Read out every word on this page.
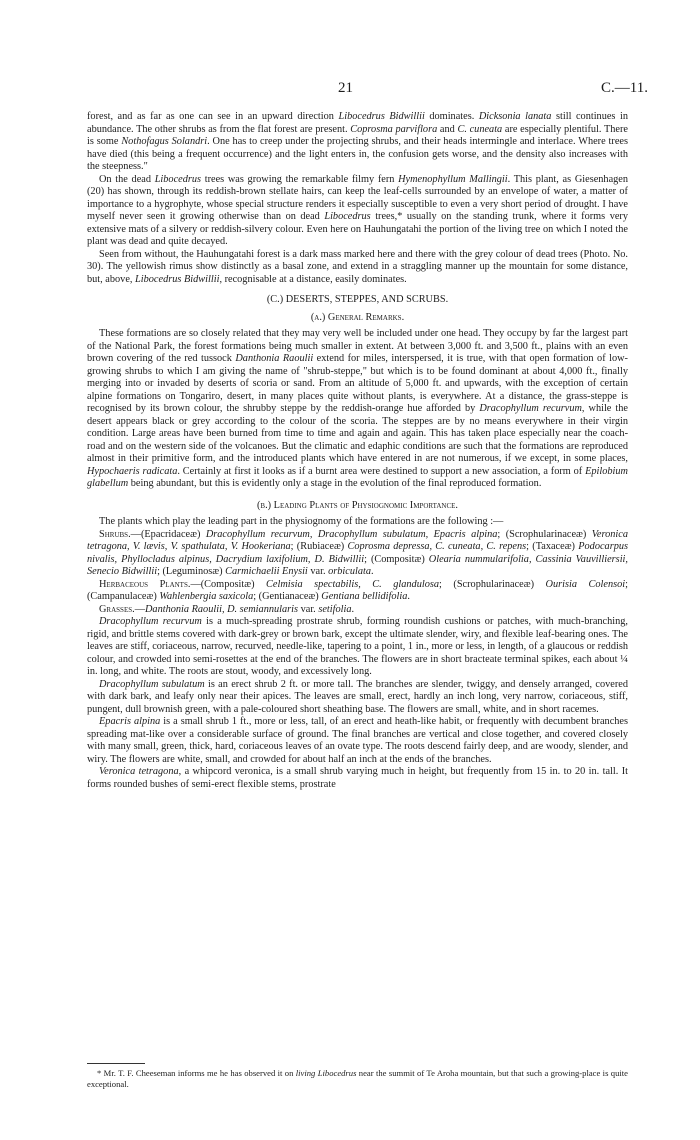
21	C.—11.

forest, and as far as one can see in an upward direction Libocedrus Bidwillii dominates. Dicksonia lanata still continues in abundance. The other shrubs as from the flat forest are present. Coprosma parviflora and C. cuneata are especially plentiful. There is some Nothofagus Solandri. One has to creep under the projecting shrubs, and their heads intermingle and interlace. Where trees have died (this being a frequent occurrence) and the light enters in, the confusion gets worse, and the density also increases with the steepness."

On the dead Libocedrus trees was growing the remarkable filmy fern Hymenophyllum Mallingii. This plant, as Giesenhagen (20) has shown, through its reddish-brown stellate hairs, can keep the leaf-cells surrounded by an envelope of water, a matter of importance to a hygrophyte, whose special structure renders it especially susceptible to even a very short period of drought. I have myself never seen it growing otherwise than on dead Libocedrus trees,* usually on the standing trunk, where it forms very extensive mats of a silvery or reddish-silvery colour. Even here on Hauhungatahi the portion of the living tree on which I noted the plant was dead and quite decayed.

Seen from without, the Hauhungatahi forest is a dark mass marked here and there with the grey colour of dead trees (Photo. No. 30). The yellowish rimus show distinctly as a basal zone, and extend in a straggling manner up the mountain for some distance, but, above, Libocedrus Bidwillii, recognisable at a distance, easily dominates.

(C.) DESERTS, STEPPES, AND SCRUBS.
(a.) General Remarks.

These formations are so closely related that they may very well be included under one head. They occupy by far the largest part of the National Park, the forest formations being much smaller in extent. At between 3,000 ft. and 3,500 ft., plains with an even brown covering of the red tussock Danthonia Raoulii extend for miles, interspersed, it is true, with that open formation of low-growing shrubs to which I am giving the name of "shrub-steppe," but which is to be found dominant at about 4,000 ft., finally merging into or invaded by deserts of scoria or sand. From an altitude of 5,000 ft. and upwards, with the exception of certain alpine formations on Tongariro, desert, in many places quite without plants, is everywhere. At a distance, the grass-steppe is recognised by its brown colour, the shrubby steppe by the reddish-orange hue afforded by Dracophyllum recurvum, while the desert appears black or grey according to the colour of the scoria. The steppes are by no means everywhere in their virgin condition. Large areas have been burned from time to time and again and again. This has taken place especially near the coach-road and on the western side of the volcanoes. But the climatic and edaphic conditions are such that the formations are reproduced almost in their primitive form, and the introduced plants which have entered in are not numerous, if we except, in some places, Hypochaeris radicata. Certainly at first it looks as if a burnt area were destined to support a new association, a form of Epilobium glabellum being abundant, but this is evidently only a stage in the evolution of the final reproduced formation.

(b.) Leading Plants of Physiognomic Importance.

The plants which play the leading part in the physiognomy of the formations are the following :—

Shrubs.—(Epacridaceæ) Dracophyllum recurvum, Dracophyllum subulatum, Epacris alpina; (Scrophularinaceæ) Veronica tetragona, V. lævis, V. spathulata, V. Hookeriana; (Rubiaceæ) Coprosma depressa, C. cuneata, C. repens; (Taxaceæ) Podocarpus nivalis, Phyllocladus alpinus, Dacrydium laxifolium, D. Bidwillii; (Compositæ) Olearia nummularifolia, Cassinia Vauvilliersii, Senecio Bidwillii; (Leguminosæ) Carmichaelii Enysii var. orbiculata.

Herbaceous Plants.—(Compositæ) Celmisia spectabilis, C. glandulosa; (Scrophularinaceæ) Ourisia Colensoi; (Campanulaceæ) Wahlenbergia saxicola; (Gentianaceæ) Gentiana bellidifolia.

Grasses.—Danthonia Raoulii, D. semiannularis var. setifolia.

Dracophyllum recurvum is a much-spreading prostrate shrub, forming roundish cushions or patches, with much-branching, rigid, and brittle stems covered with dark-grey or brown bark, except the ultimate slender, wiry, and flexible leaf-bearing ones. The leaves are stiff, coriaceous, narrow, recurved, needle-like, tapering to a point, 1 in., more or less, in length, of a glaucous or reddish colour, and crowded into semi-rosettes at the end of the branches. The flowers are in short bracteate terminal spikes, each about ¼ in. long, and white. The roots are stout, woody, and excessively long.

Dracophyllum subulatum is an erect shrub 2 ft. or more tall. The branches are slender, twiggy, and densely arranged, covered with dark bark, and leafy only near their apices. The leaves are small, erect, hardly an inch long, very narrow, coriaceous, stiff, pungent, dull brownish green, with a pale-coloured short sheathing base. The flowers are small, white, and in short racemes.

Epacris alpina is a small shrub 1 ft., more or less, tall, of an erect and heath-like habit, or frequently with decumbent branches spreading mat-like over a considerable surface of ground. The final branches are vertical and close together, and covered closely with many small, green, thick, hard, coriaceous leaves of an ovate type. The roots descend fairly deep, and are woody, slender, and wiry. The flowers are white, small, and crowded for about half an inch at the ends of the branches.

Veronica tetragona, a whipcord veronica, is a small shrub varying much in height, but frequently from 15 in. to 20 in. tall. It forms rounded bushes of semi-erect flexible stems, prostrate

* Mr. T. F. Cheeseman informs me he has observed it on living Libocedrus near the summit of Te Aroha mountain, but that such a growing-place is quite exceptional.
